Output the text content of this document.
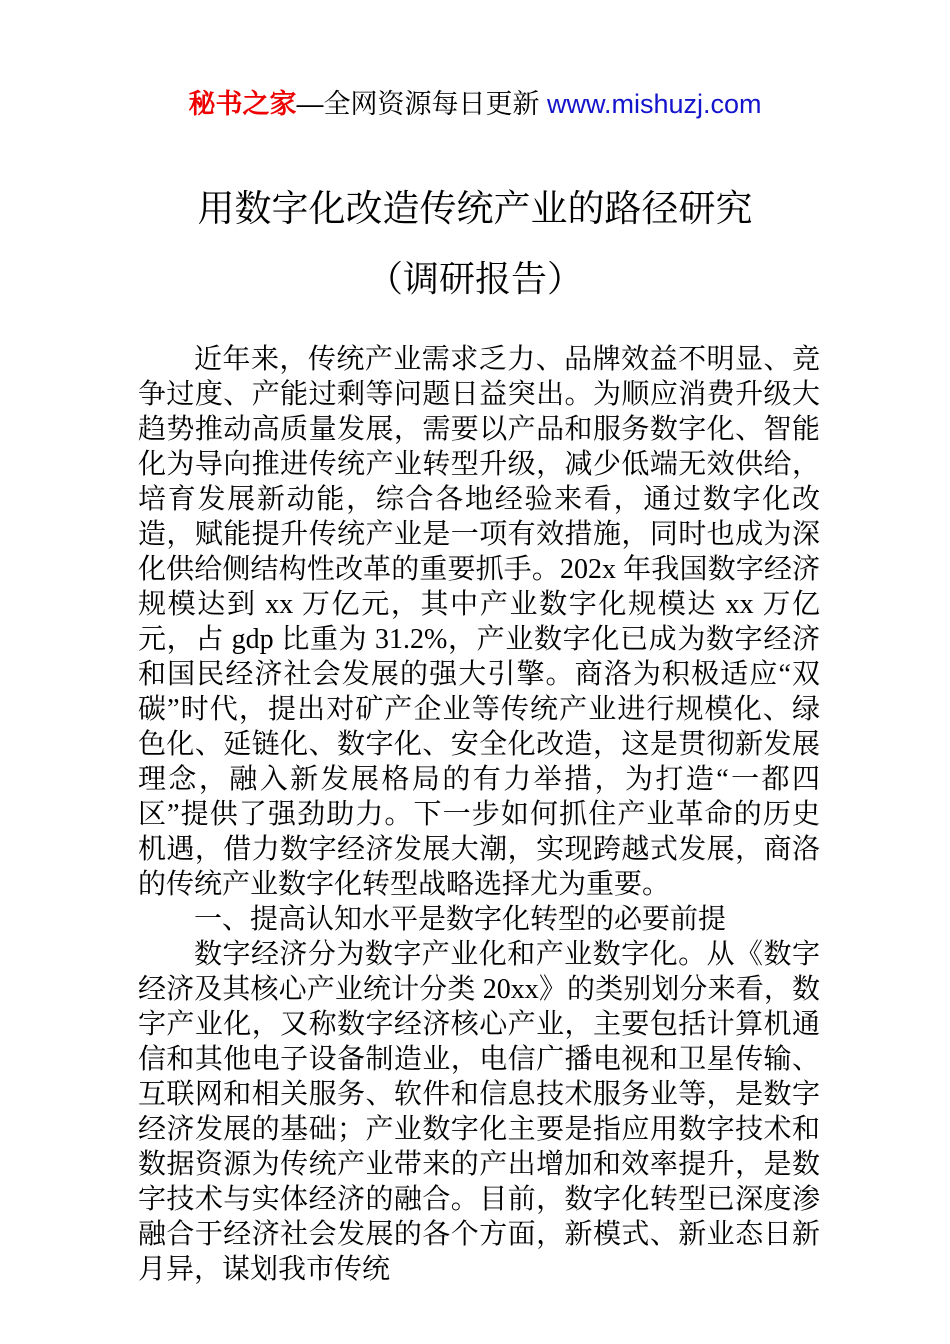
秘书之家—全网资源每日更新 www.mishuzj.com
用数字化改造传统产业的路径研究
（调研报告）

近年来，传统产业需求乏力、品牌效益不明显、竞争过度、产能过剩等问题日益突出。为顺应消费升级大趋势推动高质量发展，需要以产品和服务数字化、智能化为导向推进传统产业转型升级，减少低端无效供给，培育发展新动能，综合各地经验来看，通过数字化改造，赋能提升传统产业是一项有效措施，同时也成为深化供给侧结构性改革的重要抓手。202x 年我国数字经济规模达到 xx 万亿元，其中产业数字化规模达 xx 万亿元，占 gdp 比重为 31.2%，产业数字化已成为数字经济和国民经济社会发展的强大引擎。商洛为积极适应“双碳”时代，提出对矿产企业等传统产业进行规模化、绿色化、延链化、数字化、安全化改造，这是贯彻新发展理念，融入新发展格局的有力举措，为打造“一都四区”提供了强劲助力。下一步如何抓住产业革命的历史机遇，借力数字经济发展大潮，实现跨越式发展，商洛的传统产业数字化转型战略选择尤为重要。

一、提高认知水平是数字化转型的必要前提

数字经济分为数字产业化和产业数字化。从《数字经济及其核心产业统计分类 20xx》的类别划分来看，数字产业化，又称数字经济核心产业，主要包括计算机通信和其他电子设备制造业，电信广播电视和卫星传输、互联网和相关服务、软件和信息技术服务业等，是数字经济发展的基础；产业数字化主要是指应用数字技术和数据资源为传统产业带来的产出增加和效率提升，是数字技术与实体经济的融合。目前，数字化转型已深度渗融合于经济社会发展的各个方面，新模式、新业态日新月异，谋划我市传统
